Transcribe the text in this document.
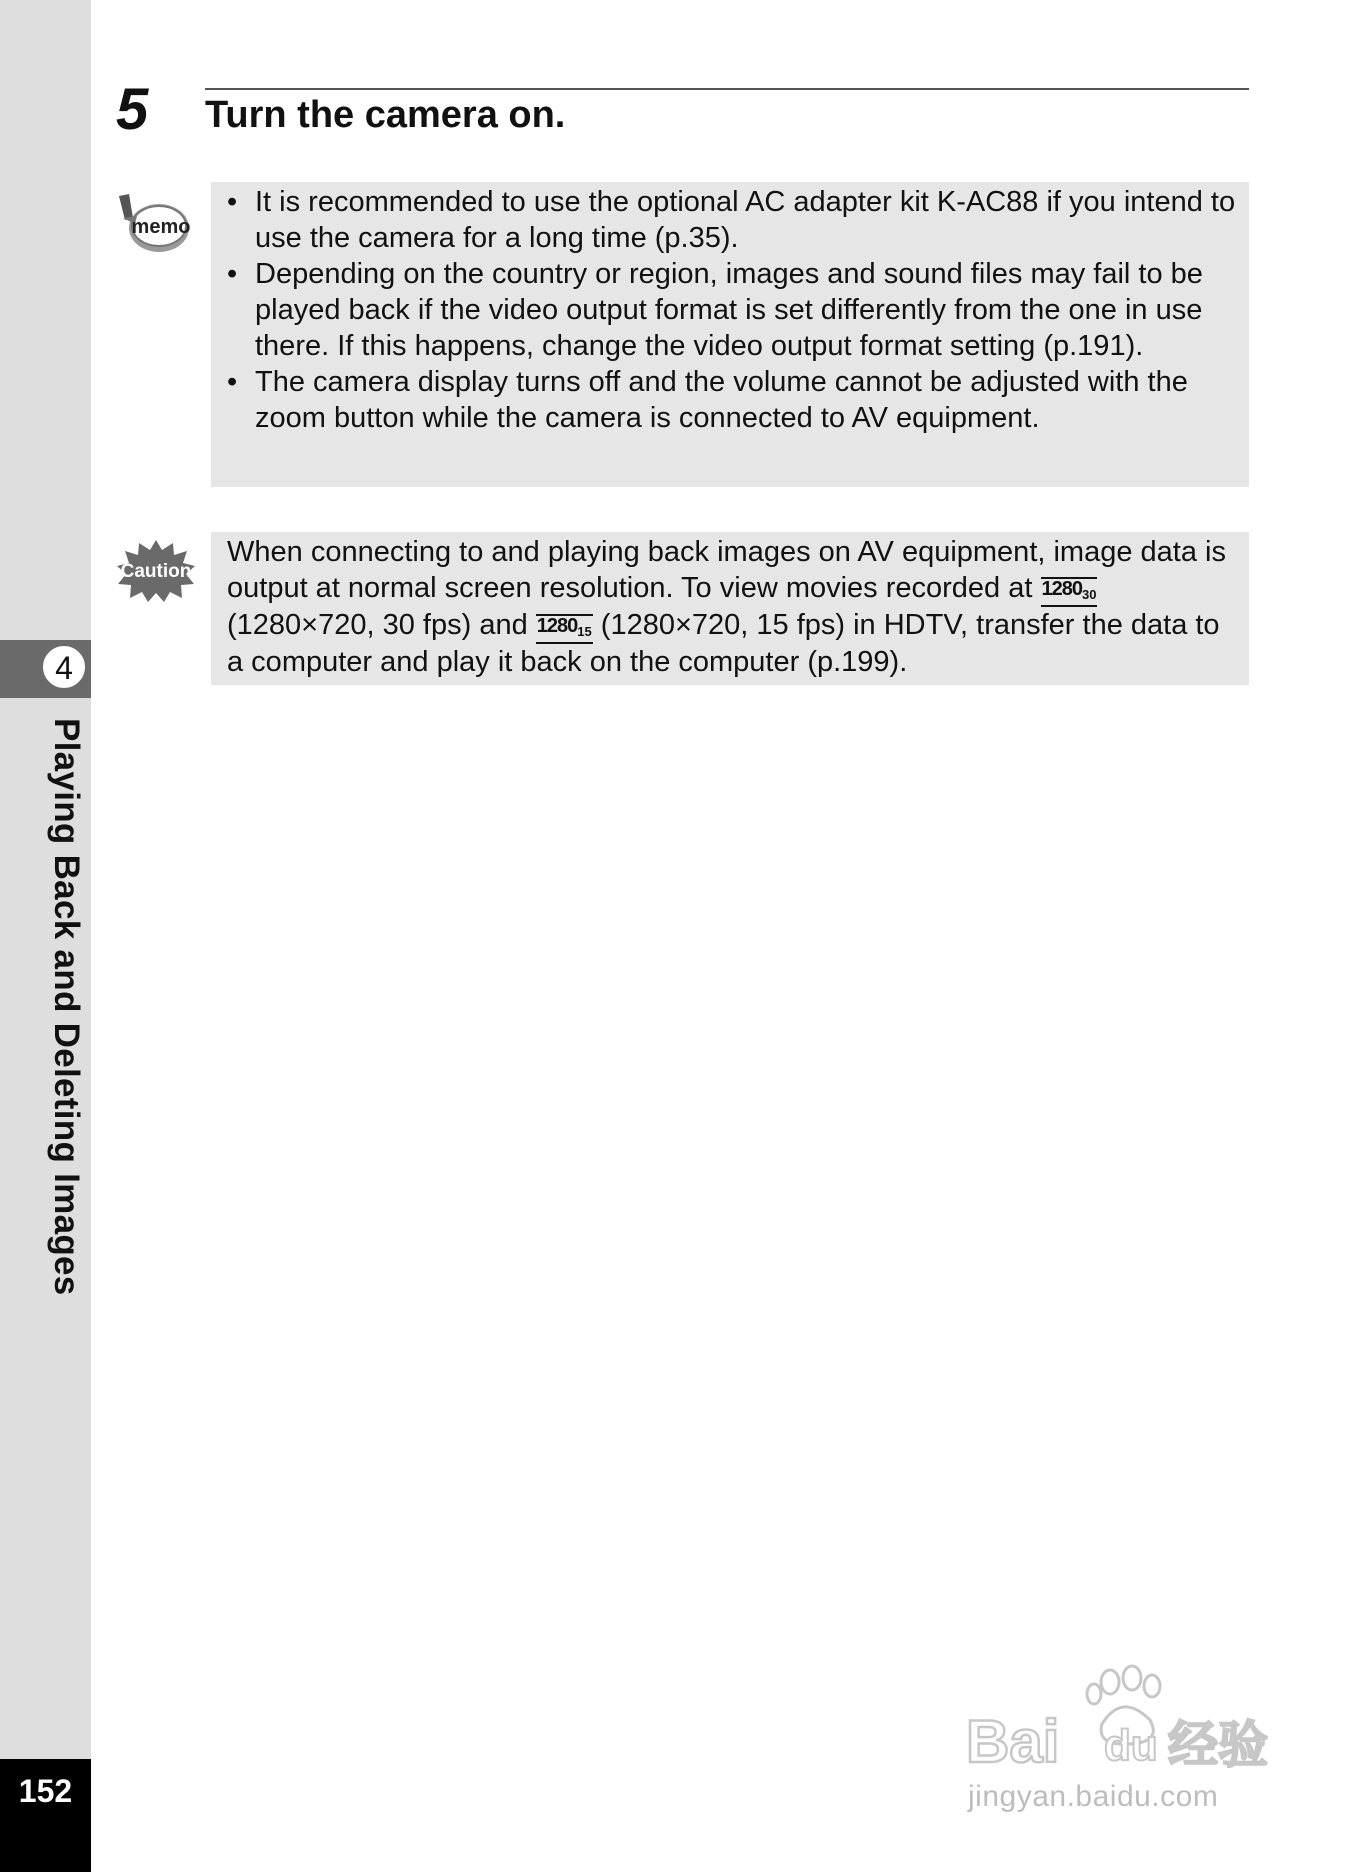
4
Playing Back and Deleting Images
152
5 Turn the camera on.
memo
• It is recommended to use the optional AC adapter kit K-AC88 if you intend to use the camera for a long time (p.35).
• Depending on the country or region, images and sound files may fail to be played back if the video output format is set differently from the one in use there. If this happens, change the video output format setting (p.191).
• The camera display turns off and the volume cannot be adjusted with the zoom button while the camera is connected to AV equipment.
Caution
When connecting to and playing back images on AV equipment, image data is output at normal screen resolution. To view movies recorded at $1280_{30}$ (1280×720, 30 fps) and $1280_{15}$ (1280×720, 15 fps) in HDTV, transfer the data to a computer and play it back on the computer (p.199).
Bai du 经验
jingyan.baidu.com
